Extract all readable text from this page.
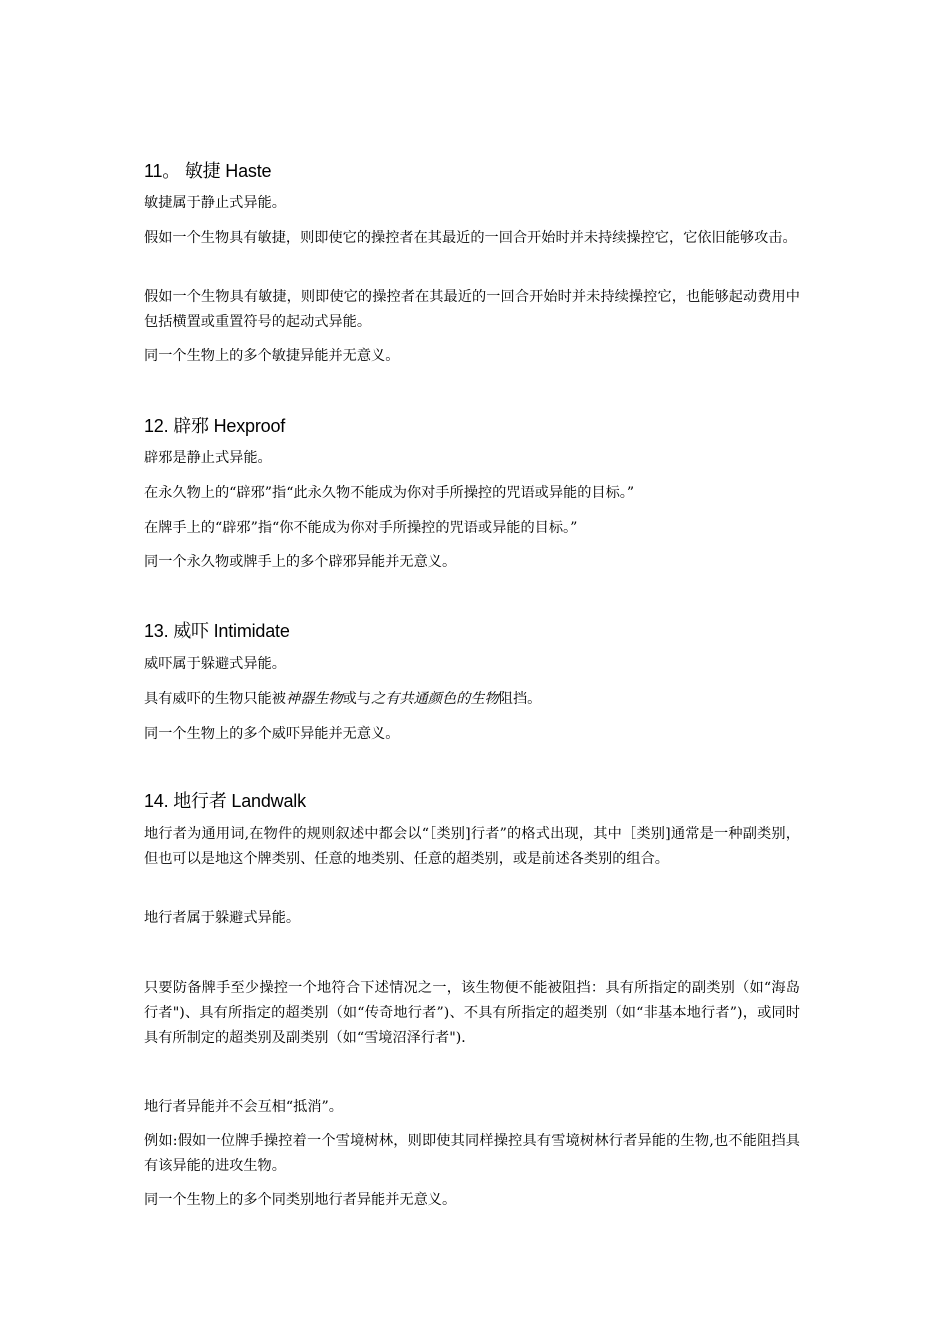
11。 敏捷 Haste
敏捷属于静止式异能。
假如一个生物具有敏捷，则即使它的操控者在其最近的一回合开始时并未持续操控它，它依旧能够攻击。
假如一个生物具有敏捷，则即使它的操控者在其最近的一回合开始时并未持续操控它，也能够起动费用中包括横置或重置符号的起动式异能。
同一个生物上的多个敏捷异能并无意义。
12. 辟邪 Hexproof
辟邪是静止式异能。
在永久物上的“辟邪”指“此永久物不能成为你对手所操控的咒语或异能的目标。”
在牌手上的“辟邪”指“你不能成为你对手所操控的咒语或异能的目标。”
同一个永久物或牌手上的多个辟邪异能并无意义。
13. 威吓 Intimidate
威吓属于躲避式异能。
具有威吓的生物只能被神器生物或与之有共通颜色的生物阻挡。
同一个生物上的多个威吓异能并无意义。
14. 地行者 Landwalk
地行者为通用词,在物件的规则叙述中都会以“［类别]行者”的格式出现，其中［类别]通常是一种副类别，但也可以是地这个牌类别、任意的地类别、任意的超类别，或是前述各类别的组合。
地行者属于躲避式异能。
只要防备牌手至少操控一个地符合下述情况之一，该生物便不能被阻挡：具有所指定的副类别（如“海岛行者")、具有所指定的超类别（如“传奇地行者”)、不具有所指定的超类别（如“非基本地行者”)，或同时具有所制定的超类别及副类别（如“雪境沼泽行者")．
地行者异能并不会互相“抵消”。
例如:假如一位牌手操控着一个雪境树林，则即使其同样操控具有雪境树林行者异能的生物,也不能阻挡具有该异能的进攻生物。
同一个生物上的多个同类别地行者异能并无意义。
